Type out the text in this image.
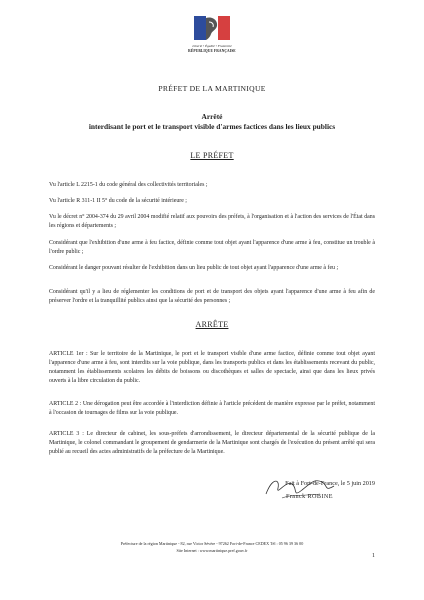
Liberté • Égalité • Fraternité
RÉPUBLIQUE FRANÇAISE
PRÉFET DE LA MARTINIQUE
Arrêté
interdisant le port et le transport visible d'armes factices dans les lieux publics
LE PRÉFET

Vu l'article L 2215-1 du code général des collectivités territoriales ;

Vu l'article R 311-1 II 5° du code de la sécurité intérieure ;

Vu le décret n° 2004-374 du 29 avril 2004 modifié relatif aux pouvoirs des préfets, à l'organisation et à l'action des services de l'État dans les régions et départements ;

Considérant que l'exhibition d'une arme à feu factice, définie comme tout objet ayant l'apparence d'une arme à feu, constitue un trouble à l'ordre public ;

Considérant le danger pouvant résulter de l'exhibition dans un lieu public de tout objet ayant l'apparence d'une arme à feu ;

Considérant qu'il y a lieu de réglementer les conditions de port et de transport des objets ayant l'apparence d'une arme à feu afin de préserver l'ordre et la tranquillité publics ainsi que la sécurité des personnes ;

ARRÊTE

ARTICLE 1er : Sur le territoire de la Martinique, le port et le transport visible d'une arme factice, définie comme tout objet ayant l'apparence d'une arme à feu, sont interdits sur la voie publique, dans les transports publics et dans les établissements recevant du public, notamment les établissements scolaires les débits de boissons ou discothèques et salles de spectacle, ainsi que dans les lieux privés ouverts à la libre circulation du public.

ARTICLE 2 : Une dérogation peut être accordée à l'interdiction définie à l'article précédent de manière expresse par le préfet, notamment à l'occasion de tournages de films sur la voie publique.

ARTICLE 3 : Le directeur de cabinet, les sous-préfets d'arrondissement, le directeur départemental de la sécurité publique de la Martinique, le colonel commandant le groupement de gendarmerie de la Martinique sont chargés de l'exécution du présent arrêté qui sera publié au recueil des actes administratifs de la préfecture de la Martinique.

Fait à Fort-de-France, le 5 juin 2019
Franck ROBINE
Préfecture de la région Martinique - 82, rue Victor Sévère - 97262 Fort-de-France CEDEX Tél : 05 96 39 36 00
Site Internet : www.martinique.pref.gouv.fr
1
